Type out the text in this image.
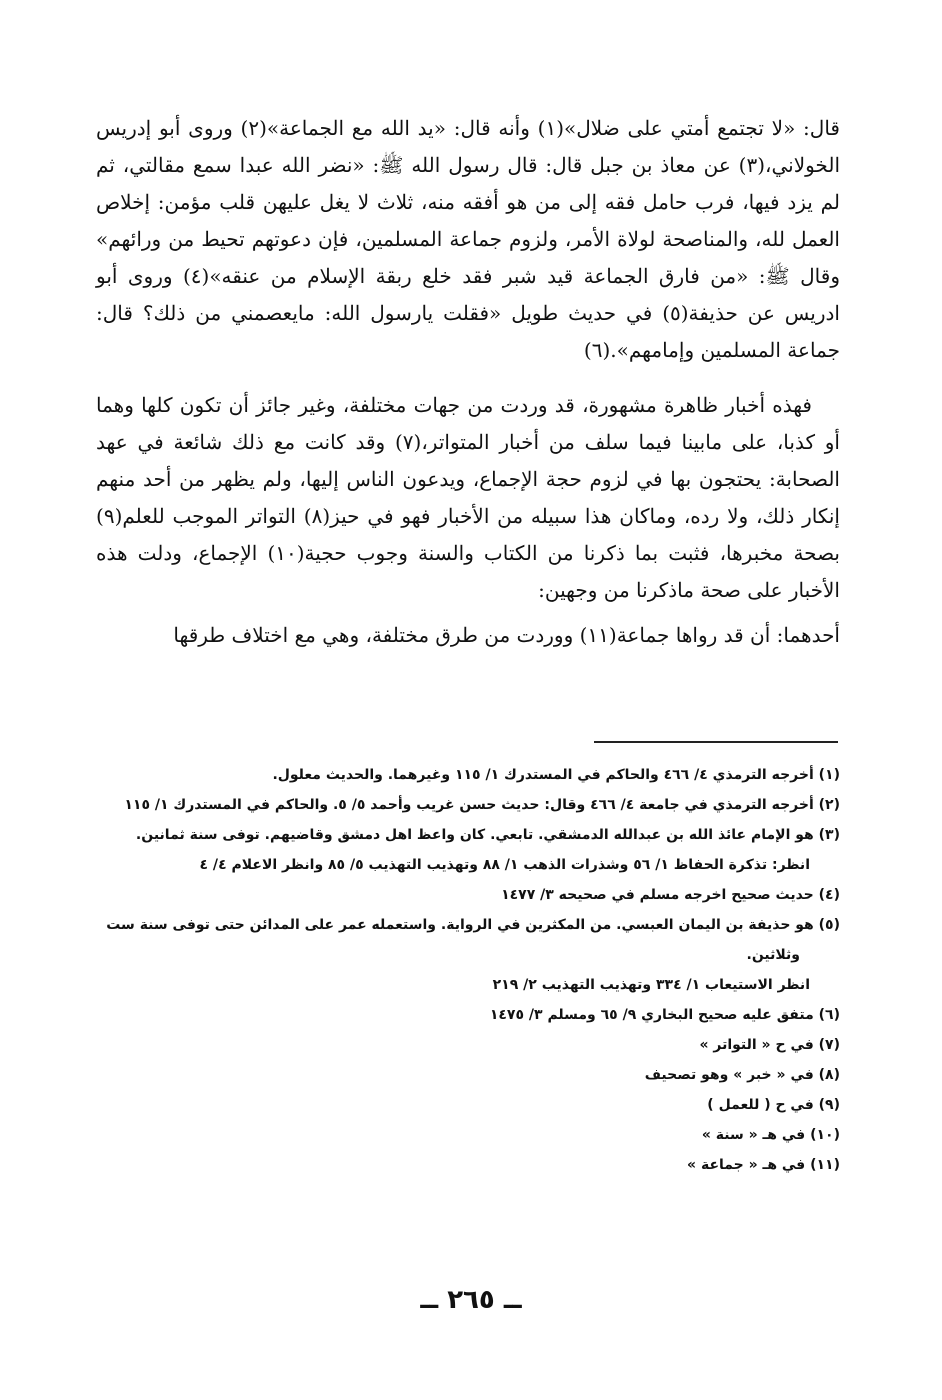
قال: «لا تجتمع أمتي على ضلال»(١) وأنه قال: «يد الله مع الجماعة»(٢) وروى أبو إدريس الخولاني،(٣) عن معاذ بن جبل قال: قال رسول الله ﷺ: «نضر الله عبدا سمع مقالتي، ثم لم يزد فيها، فرب حامل فقه إلى من هو أفقه منه، ثلاث لا يغل عليهن قلب مؤمن: إخلاص العمل لله، والمناصحة لولاة الأمر، ولزوم جماعة المسلمين، فإن دعوتهم تحيط من ورائهم» وقال ﷺ: «من فارق الجماعة قيد شبر فقد خلع ربقة الإسلام من عنقه»(٤) وروى أبو ادريس عن حذيفة(٥) في حديث طويل «فقلت يارسول الله: مايعصمني من ذلك؟ قال: جماعة المسلمين وإمامهم».(٦)

فهذه أخبار ظاهرة مشهورة، قد وردت من جهات مختلفة، وغير جائز أن تكون كلها وهما أو كذبا، على مابينا فيما سلف من أخبار المتواتر،(٧) وقد كانت مع ذلك شائعة في عهد الصحابة: يحتجون بها في لزوم حجة الإجماع، ويدعون الناس إليها، ولم يظهر من أحد منهم إنكار ذلك، ولا رده، وماكان هذا سبيله من الأخبار فهو في حيز(٨) التواتر الموجب للعلم(٩) بصحة مخبرها، فثبت بما ذكرنا من الكتاب والسنة وجوب حجية(١٠) الإجماع، ودلت هذه الأخبار على صحة ماذكرنا من وجهين:

أحدهما: أن قد رواها جماعة(١١) ووردت من طرق مختلفة، وهي مع اختلاف طرقها

(١) أخرجه الترمذي ٤/ ٤٦٦ والحاكم في المستدرك ١/ ١١٥ وغيرهما. والحديث معلول.
(٢) أخرجه الترمذي في جامعة ٤/ ٤٦٦ وقال: حديث حسن غريب وأحمد ٥/ ٥. والحاكم في المستدرك ١/ ١١٥
(٣) هو الإمام عائذ الله بن عبدالله الدمشقي. تابعي. كان واعظ اهل دمشق وقاضيهم. توفى سنة ثمانين.
انظر: تذكرة الحفاظ ١/ ٥٦ وشذرات الذهب ١/ ٨٨ وتهذيب التهذيب ٥/ ٨٥ وانظر الاعلام ٤/ ٤
(٤) حديث صحيح اخرجه مسلم في صحيحه ٣/ ١٤٧٧
(٥) هو حذيفة بن اليمان العبسي. من المكثرين في الرواية. واستعمله عمر على المدائن حتى توفى سنة ست
وثلاثين.
انظر الاستيعاب ١/ ٣٣٤ وتهذيب التهذيب ٢/ ٢١٩
(٦) متفق عليه صحيح البخاري ٩/ ٦٥ ومسلم ٣/ ١٤٧٥
(٧) في ح « التواتر »
(٨) في « خبر » وهو تصحيف
(٩) في ح ( للعمل )
(١٠) في هـ « سنة »
(١١) في هـ « جماعة »
ــ ٢٦٥ ــ
